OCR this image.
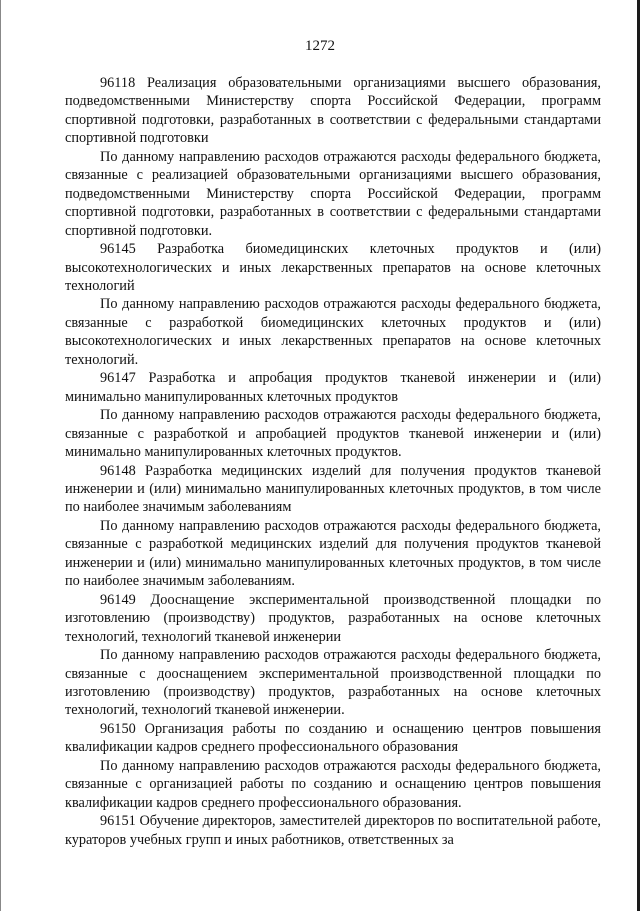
1272

96118 Реализация образовательными организациями высшего образования, подведомственными Министерству спорта Российской Федерации, программ спортивной подготовки, разработанных в соответствии с федеральными стандартами спортивной подготовки

По данному направлению расходов отражаются расходы федерального бюджета, связанные с реализацией образовательными организациями высшего образования, подведомственными Министерству спорта Российской Федерации, программ спортивной подготовки, разработанных в соответствии с федеральными стандартами спортивной подготовки.

96145 Разработка биомедицинских клеточных продуктов и (или) высокотехнологических и иных лекарственных препаратов на основе клеточных технологий

По данному направлению расходов отражаются расходы федерального бюджета, связанные с разработкой биомедицинских клеточных продуктов и (или) высокотехнологических и иных лекарственных препаратов на основе клеточных технологий.

96147 Разработка и апробация продуктов тканевой инженерии и (или) минимально манипулированных клеточных продуктов

По данному направлению расходов отражаются расходы федерального бюджета, связанные с разработкой и апробацией продуктов тканевой инженерии и (или) минимально манипулированных клеточных продуктов.

96148 Разработка медицинских изделий для получения продуктов тканевой инженерии и (или) минимально манипулированных клеточных продуктов, в том числе по наиболее значимым заболеваниям

По данному направлению расходов отражаются расходы федерального бюджета, связанные с разработкой медицинских изделий для получения продуктов тканевой инженерии и (или) минимально манипулированных клеточных продуктов, в том числе по наиболее значимым заболеваниям.

96149 Дооснащение экспериментальной производственной площадки по изготовлению (производству) продуктов, разработанных на основе клеточных технологий, технологий тканевой инженерии

По данному направлению расходов отражаются расходы федерального бюджета, связанные с дооснащением экспериментальной производственной площадки по изготовлению (производству) продуктов, разработанных на основе клеточных технологий, технологий тканевой инженерии.

96150 Организация работы по созданию и оснащению центров повышения квалификации кадров среднего профессионального образования

По данному направлению расходов отражаются расходы федерального бюджета, связанные с организацией работы по созданию и оснащению центров повышения квалификации кадров среднего профессионального образования.

96151 Обучение директоров, заместителей директоров по воспитательной работе, кураторов учебных групп и иных работников, ответственных за
